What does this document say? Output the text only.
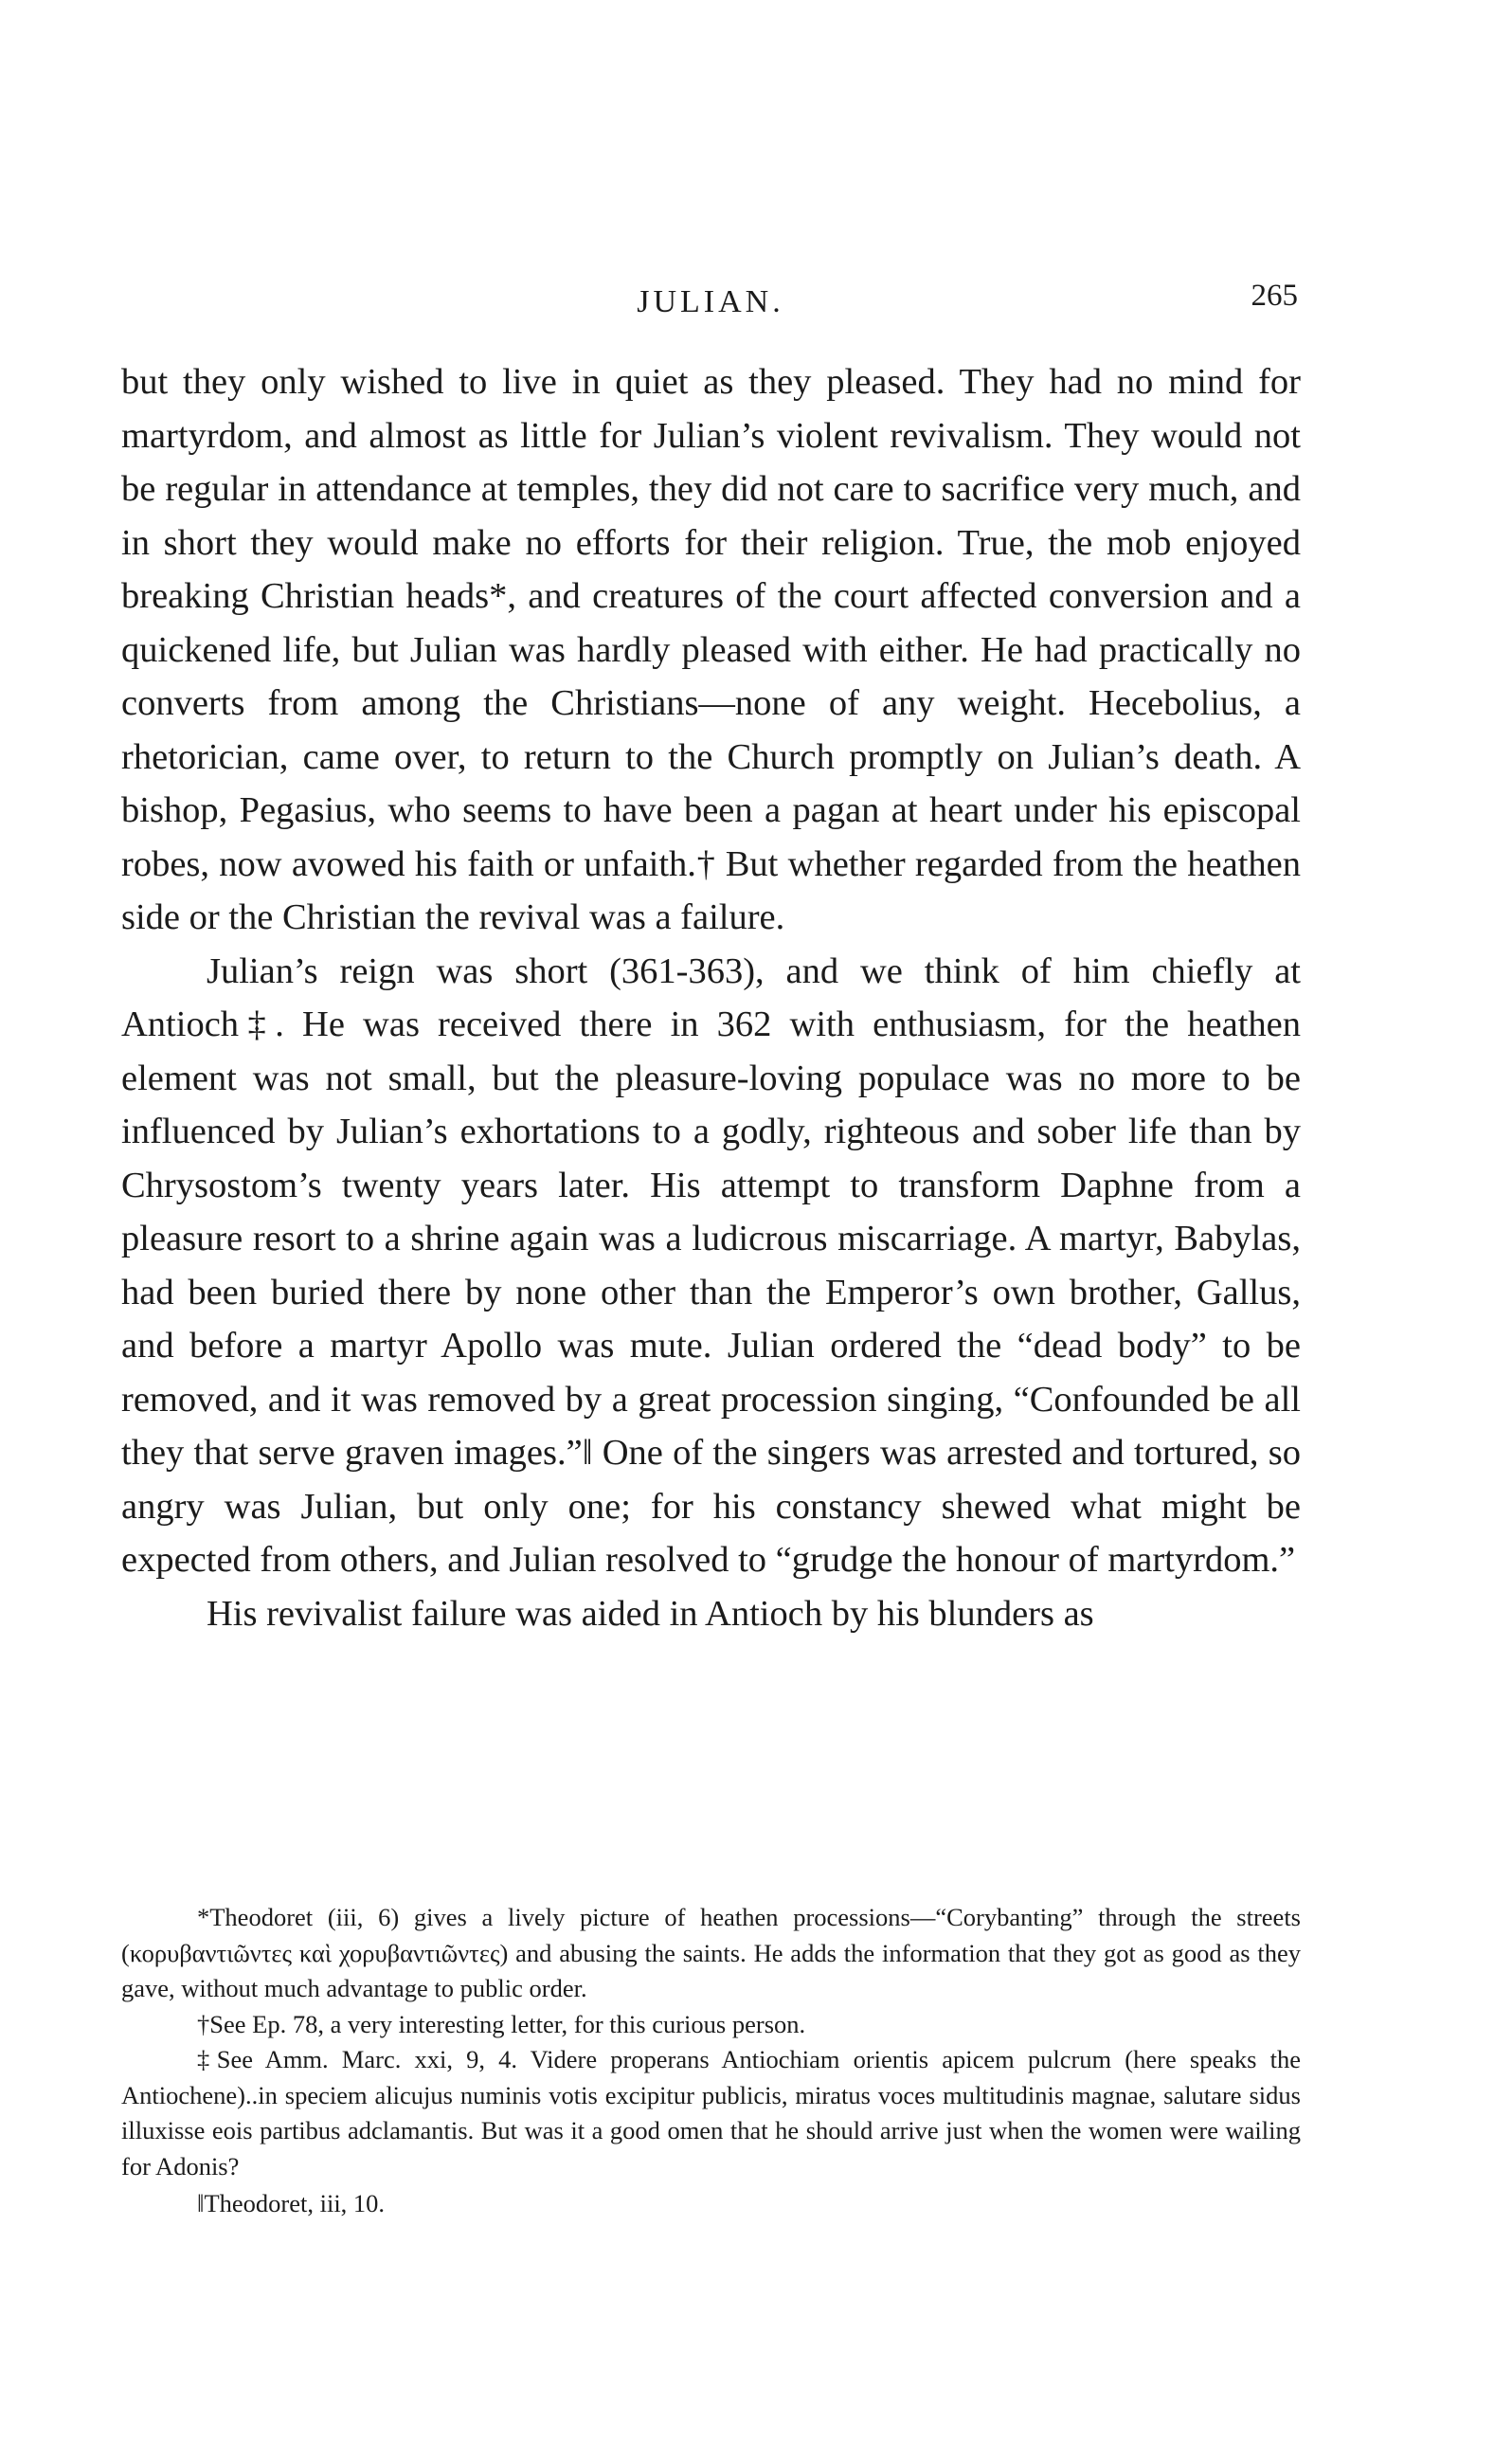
JULIAN.	265

but they only wished to live in quiet as they pleased. They had no mind for martyrdom, and almost as little for Julian’s violent revivalism. They would not be regular in attendance at temples, they did not care to sacrifice very much, and in short they would make no efforts for their religion. True, the mob enjoyed breaking Christian heads*, and creatures of the court affected conversion and a quickened life, but Julian was hardly pleased with either. He had practically no converts from among the Christians—none of any weight. Hecebolius, a rhetorician, came over, to return to the Church promptly on Julian’s death. A bishop, Pegasius, who seems to have been a pagan at heart under his episcopal robes, now avowed his faith or unfaith.† But whether regarded from the heathen side or the Christian the revival was a failure.

Julian’s reign was short (361-363), and we think of him chiefly at Antioch‡. He was received there in 362 with enthusiasm, for the heathen element was not small, but the pleasure-loving populace was no more to be influenced by Julian’s exhortations to a godly, righteous and sober life than by Chrysostom’s twenty years later. His attempt to transform Daphne from a pleasure resort to a shrine again was a ludicrous miscarriage. A martyr, Babylas, had been buried there by none other than the Emperor’s own brother, Gallus, and before a martyr Apollo was mute. Julian ordered the “dead body” to be removed, and it was removed by a great procession singing, “Confounded be all they that serve graven images.”‖ One of the singers was arrested and tortured, so angry was Julian, but only one; for his constancy shewed what might be expected from others, and Julian resolved to “grudge the honour of martyrdom.”

His revivalist failure was aided in Antioch by his blunders as

*Theodoret (iii, 6) gives a lively picture of heathen processions—“Corybanting” through the streets (κορυβαντιῶντες καὶ χορυβαντιῶντες) and abusing the saints. He adds the information that they got as good as they gave, without much advantage to public order.

†See Ep. 78, a very interesting letter, for this curious person.

‡See Amm. Marc. xxi, 9, 4. Videre properans Antiochiam orientis apicem pulcrum (here speaks the Antiochene)..in speciem alicujus numinis votis excipitur publicis, miratus voces multitudinis magnae, salutare sidus illuxisse eois partibus adclamantis. But was it a good omen that he should arrive just when the women were wailing for Adonis?

‖Theodoret, iii, 10.
